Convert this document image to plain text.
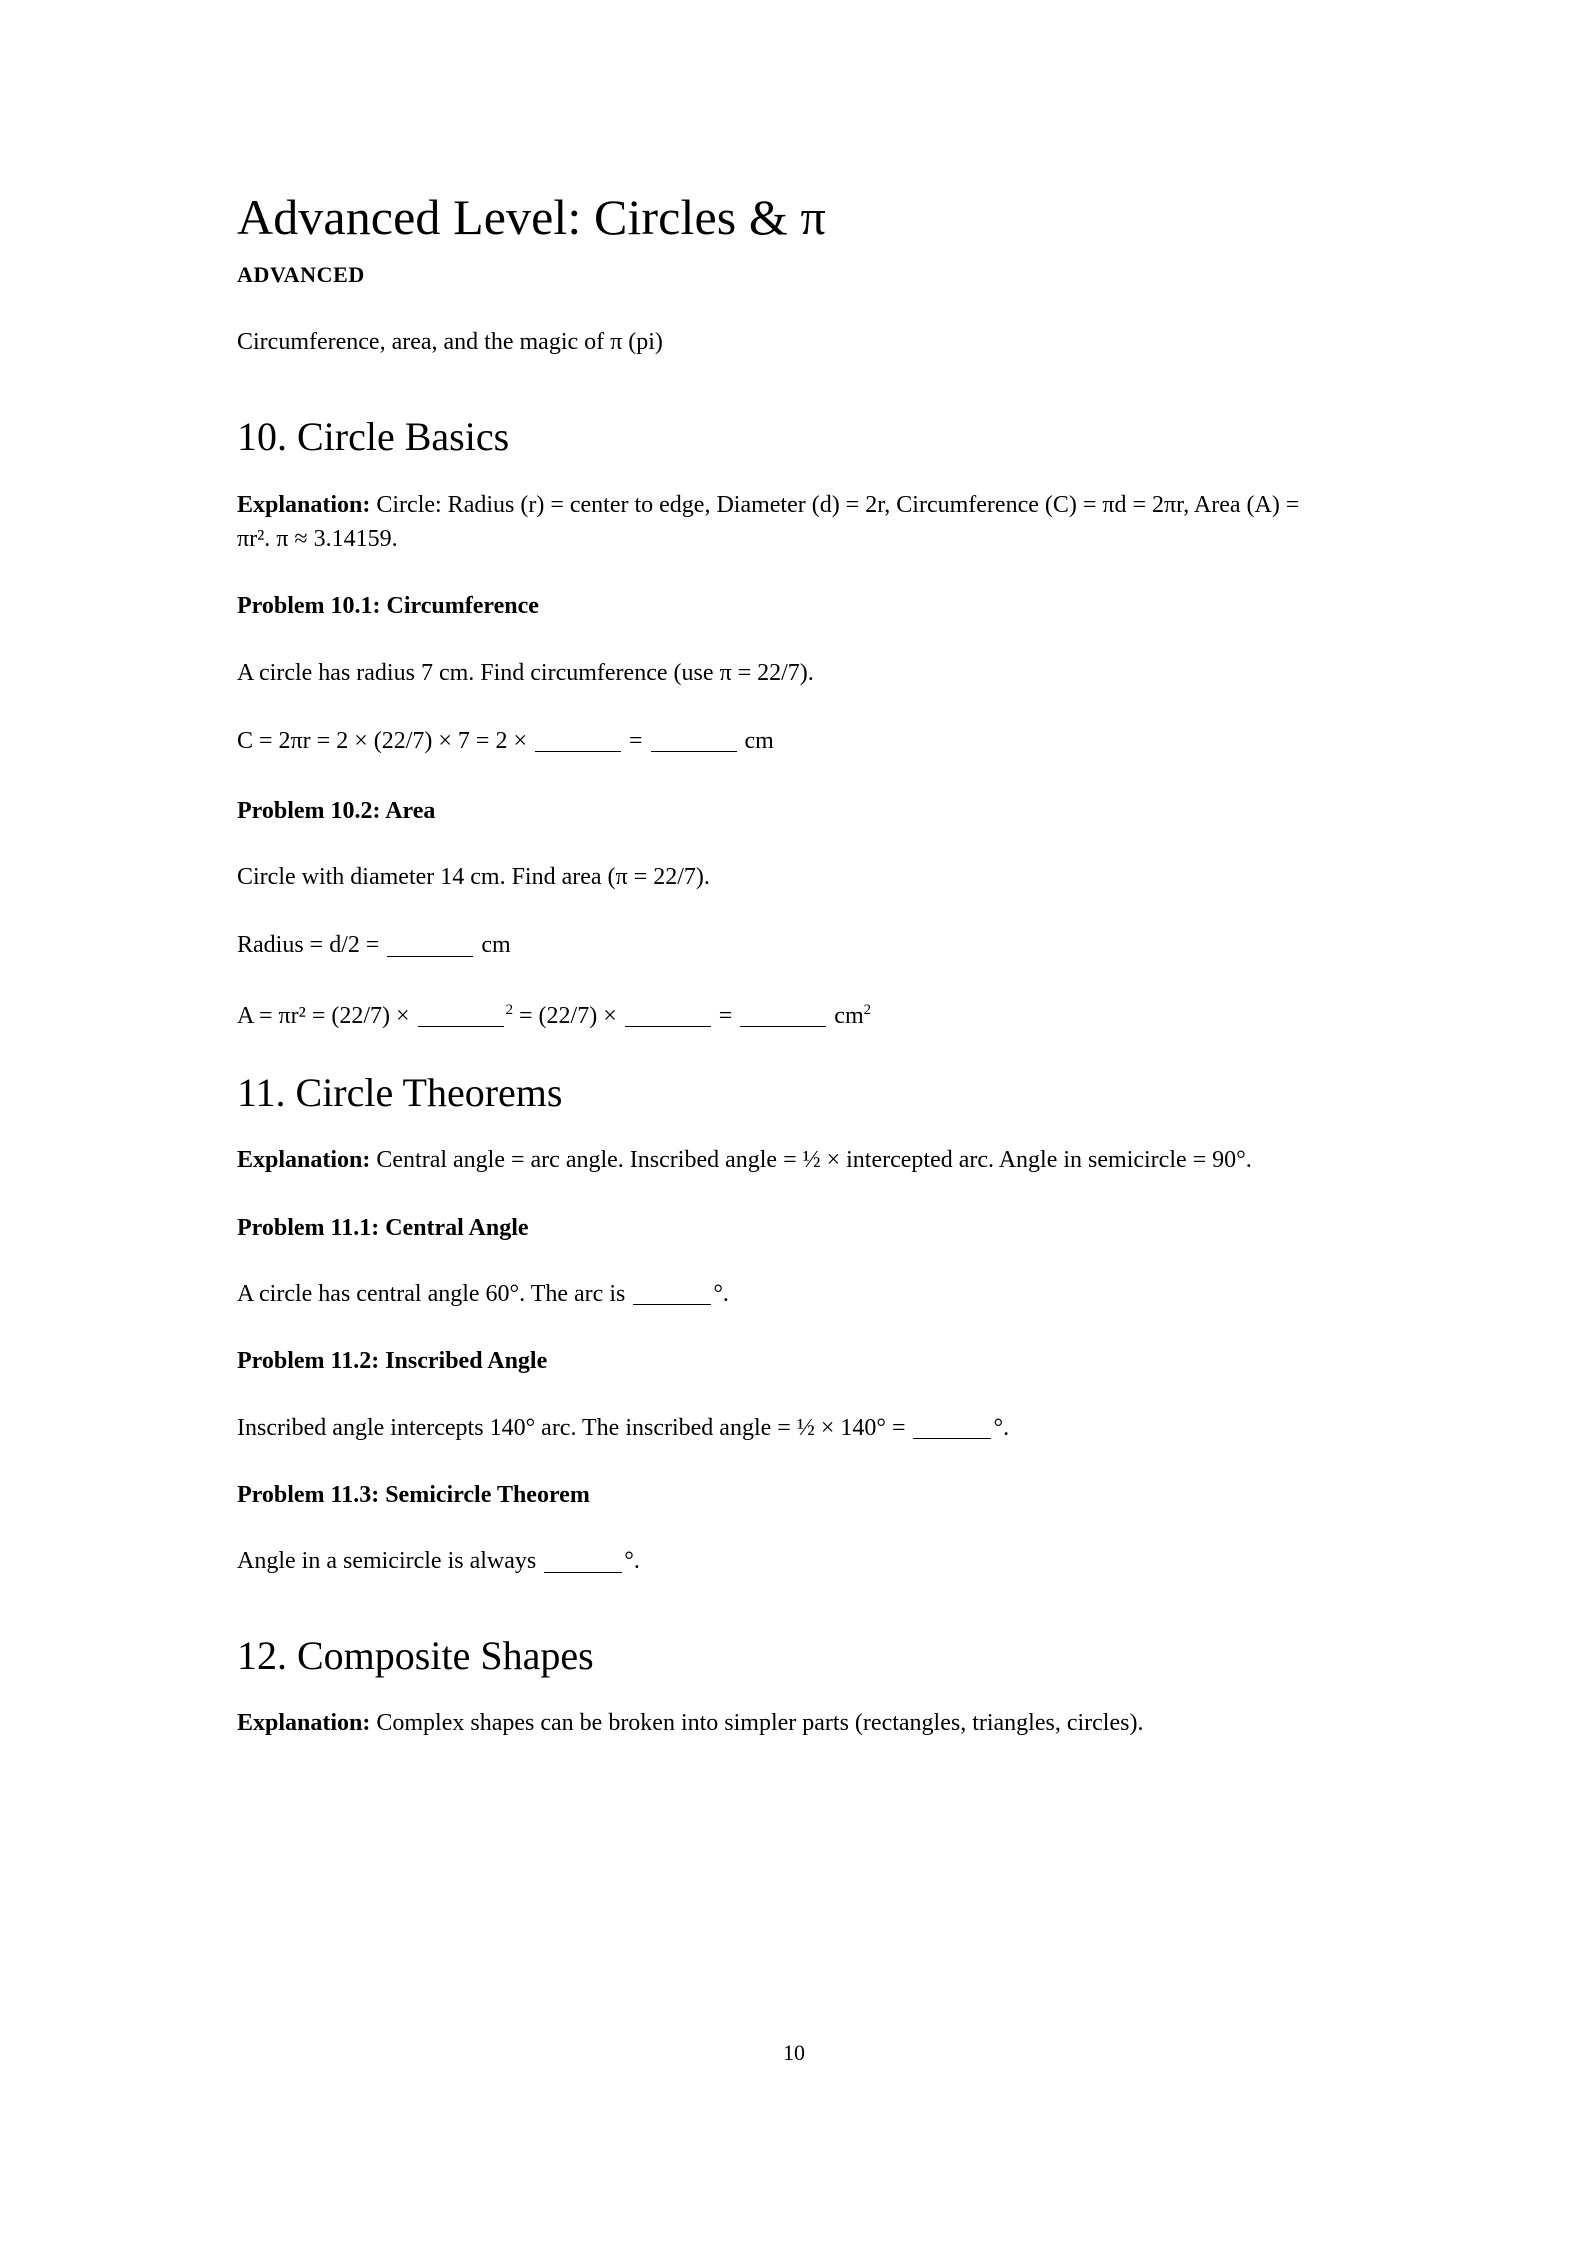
Advanced Level: Circles & π
ADVANCED

Circumference, area, and the magic of π (pi)

10. Circle Basics

Explanation: Circle: Radius (r) = center to edge, Diameter (d) = 2r, Circumference (C) = πd = 2πr, Area (A) = πr². π ≈ 3.14159.

Problem 10.1: Circumference

A circle has radius 7 cm. Find circumference (use π = 22/7).

C = 2πr = 2 × (22/7) × 7 = 2 ×	=	cm

Problem 10.2: Area

Circle with diameter 14 cm. Find area (π = 22/7).

Radius = d/2 =	cm

A = πr² = (22/7) ×	$^2$ = (22/7) ×	=	$cm^2$

11. Circle Theorems

Explanation: Central angle = arc angle. Inscribed angle = ½ × intercepted arc. Angle in semicircle = 90°.

Problem 11.1: Central Angle

A circle has central angle 60°. The arc is	°.

Problem 11.2: Inscribed Angle

Inscribed angle intercepts 140° arc. The inscribed angle = ½ × 140° =	°.

Problem 11.3: Semicircle Theorem

Angle in a semicircle is always	°.

12. Composite Shapes

Explanation: Complex shapes can be broken into simpler parts (rectangles, triangles, circles).

10
